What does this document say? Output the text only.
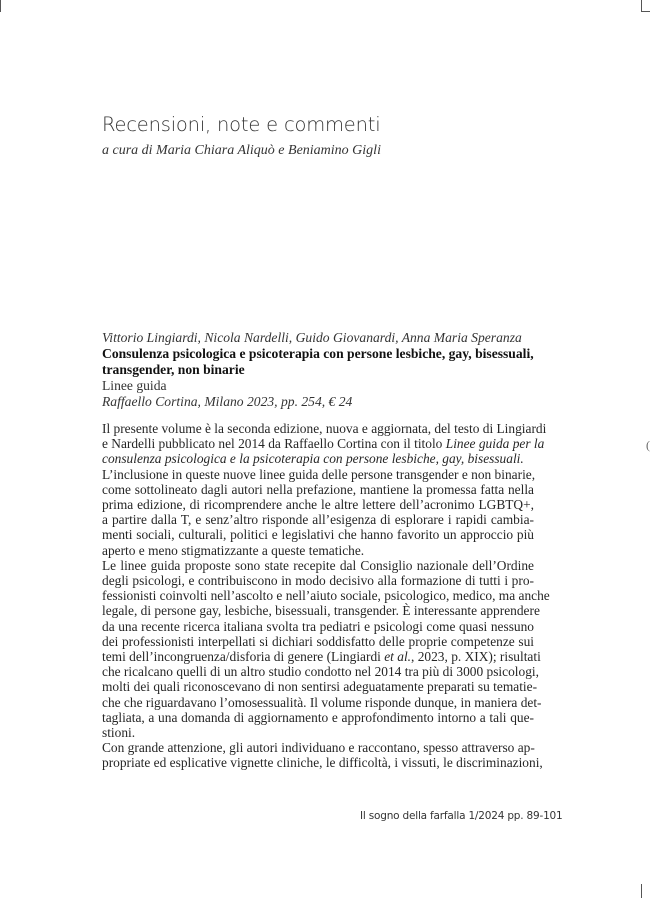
(
Recensioni, note e commenti
a cura di Maria Chiara Aliquò e Beniamino Gigli
Vittorio Lingiardi, Nicola Nardelli, Guido Giovanardi, Anna Maria Speranza
Consulenza psicologica e psicoterapia con persone lesbiche, gay, bisessuali,
transgender, non binarie
Linee guida
Raffaello Cortina, Milano 2023, pp. 254, € 24
Il presente volume è la seconda edizione, nuova e aggiornata, del testo di Lingiardi
e Nardelli pubblicato nel 2014 da Raffaello Cortina con il titolo Linee guida per la
consulenza psicologica e la psicoterapia con persone lesbiche, gay, bisessuali.
L’inclusione in queste nuove linee guida delle persone transgender e non binarie,
come sottolineato dagli autori nella prefazione, mantiene la promessa fatta nella
prima edizione, di ricomprendere anche le altre lettere dell’acronimo LGBTQ+,
a partire dalla T, e senz’altro risponde all’esigenza di esplorare i rapidi cambia-
menti sociali, culturali, politici e legislativi che hanno favorito un approccio più
aperto e meno stigmatizzante a queste tematiche.
Le linee guida proposte sono state recepite dal Consiglio nazionale dell’Ordine
degli psicologi, e contribuiscono in modo decisivo alla formazione di tutti i pro-
fessionisti coinvolti nell’ascolto e nell’aiuto sociale, psicologico, medico, ma anche
legale, di persone gay, lesbiche, bisessuali, transgender. È interessante apprendere
da una recente ricerca italiana svolta tra pediatri e psicologi come quasi nessuno
dei professionisti interpellati si dichiari soddisfatto delle proprie competenze sui
temi dell’incongruenza/disforia di genere (Lingiardi et al., 2023, p. XIX); risultati
che ricalcano quelli di un altro studio condotto nel 2014 tra più di 3000 psicologi,
molti dei quali riconoscevano di non sentirsi adeguatamente preparati su tematie-
che che riguardavano l’omosessualità. Il volume risponde dunque, in maniera det-
tagliata, a una domanda di aggiornamento e approfondimento intorno a tali que-
stioni.
Con grande attenzione, gli autori individuano e raccontano, spesso attraverso ap-
propriate ed esplicative vignette cliniche, le difficoltà, i vissuti, le discriminazioni,
Il sogno della farfalla 1/2024 pp. 89-101
